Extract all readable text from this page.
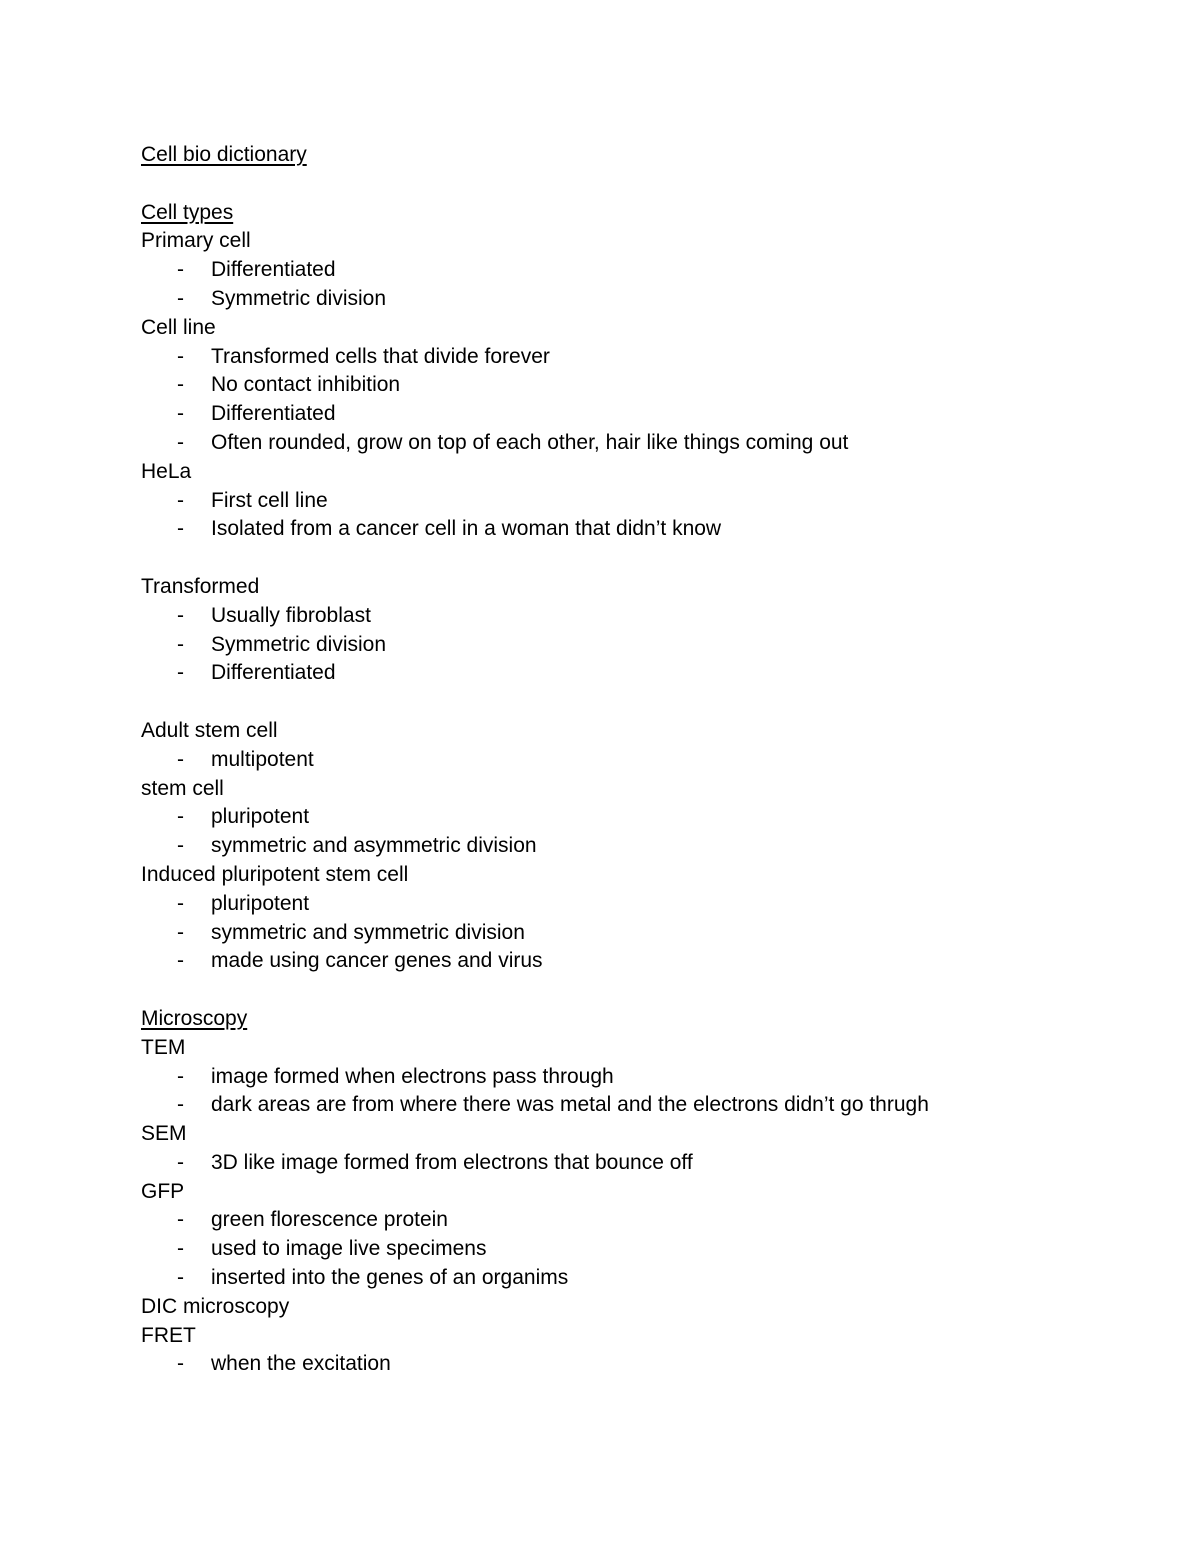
Cell bio dictionary
Cell types
Primary cell
- Differentiated
- Symmetric division
Cell line
- Transformed cells that divide forever
- No contact inhibition
- Differentiated
- Often rounded, grow on top of each other, hair like things coming out
HeLa
- First cell line
- Isolated from a cancer cell in a woman that didn’t know
Transformed
- Usually fibroblast
- Symmetric division
- Differentiated
Adult stem cell
- multipotent
stem cell
- pluripotent
- symmetric and asymmetric division
Induced pluripotent stem cell
- pluripotent
- symmetric and symmetric division
- made using cancer genes and virus
Microscopy
TEM
- image formed when electrons pass through
- dark areas are from where there was metal and the electrons didn’t go thrugh
SEM
- 3D like image formed from electrons that bounce off
GFP
- green florescence protein
- used to image live specimens
- inserted into the genes of an organims
DIC microscopy
FRET
- when the excitation
